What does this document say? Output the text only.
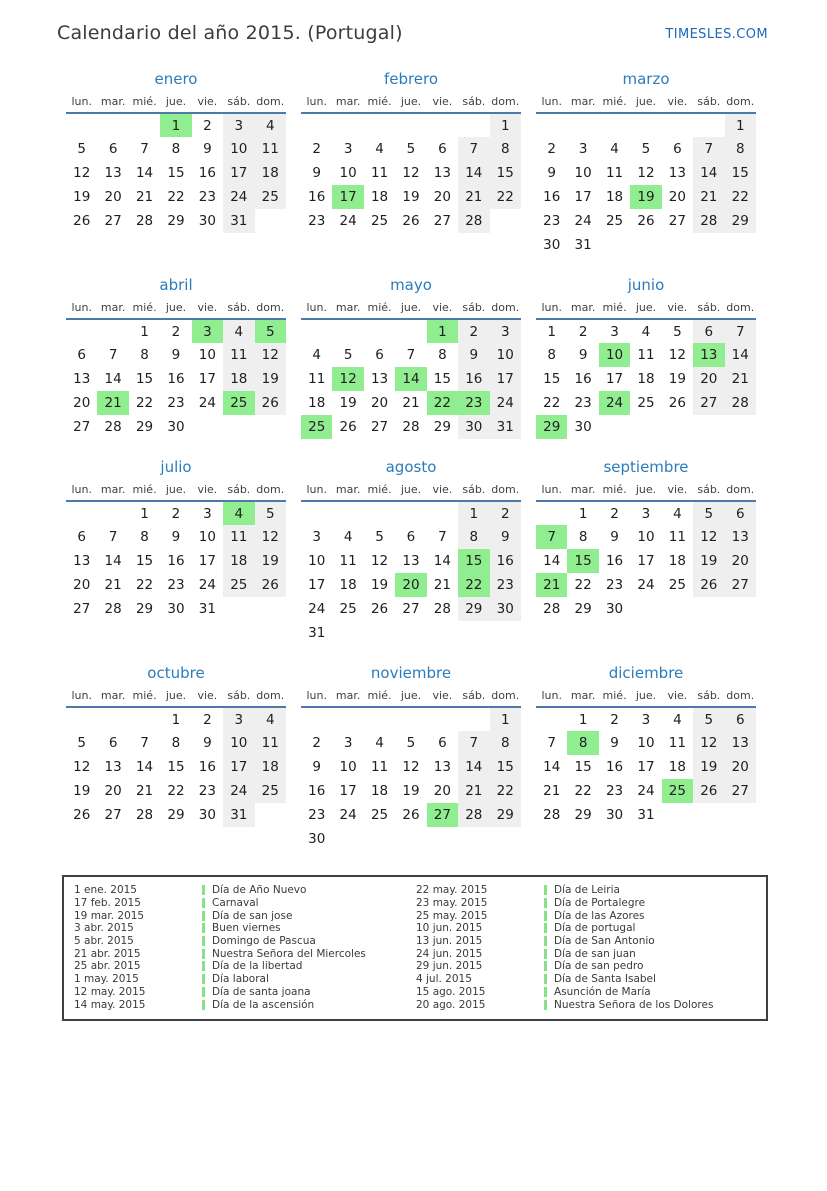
Calendario del año 2015. (Portugal)	TIMESLES.COM
enero
lun.	mar.	mié.	jue.	vie.	sáb.	dom.
			1	2	3	4
5	6	7	8	9	10	11
12	13	14	15	16	17	18
19	20	21	22	23	24	25
26	27	28	29	30	31	
febrero
lun.	mar.	mié.	jue.	vie.	sáb.	dom.
						1
2	3	4	5	6	7	8
9	10	11	12	13	14	15
16	17	18	19	20	21	22
23	24	25	26	27	28	
marzo
lun.	mar.	mié.	jue.	vie.	sáb.	dom.
						1
2	3	4	5	6	7	8
9	10	11	12	13	14	15
16	17	18	19	20	21	22
23	24	25	26	27	28	29
30	31					
abril
lun.	mar.	mié.	jue.	vie.	sáb.	dom.
		1	2	3	4	5
6	7	8	9	10	11	12
13	14	15	16	17	18	19
20	21	22	23	24	25	26
27	28	29	30			
mayo
lun.	mar.	mié.	jue.	vie.	sáb.	dom.
				1	2	3
4	5	6	7	8	9	10
11	12	13	14	15	16	17
18	19	20	21	22	23	24
25	26	27	28	29	30	31
junio
lun.	mar.	mié.	jue.	vie.	sáb.	dom.
1	2	3	4	5	6	7
8	9	10	11	12	13	14
15	16	17	18	19	20	21
22	23	24	25	26	27	28
29	30					
julio
lun.	mar.	mié.	jue.	vie.	sáb.	dom.
		1	2	3	4	5
6	7	8	9	10	11	12
13	14	15	16	17	18	19
20	21	22	23	24	25	26
27	28	29	30	31		
agosto
lun.	mar.	mié.	jue.	vie.	sáb.	dom.
					1	2
3	4	5	6	7	8	9
10	11	12	13	14	15	16
17	18	19	20	21	22	23
24	25	26	27	28	29	30
31						
septiembre
lun.	mar.	mié.	jue.	vie.	sáb.	dom.
	1	2	3	4	5	6
7	8	9	10	11	12	13
14	15	16	17	18	19	20
21	22	23	24	25	26	27
28	29	30				
octubre
lun.	mar.	mié.	jue.	vie.	sáb.	dom.
			1	2	3	4
5	6	7	8	9	10	11
12	13	14	15	16	17	18
19	20	21	22	23	24	25
26	27	28	29	30	31	
noviembre
lun.	mar.	mié.	jue.	vie.	sáb.	dom.
						1
2	3	4	5	6	7	8
9	10	11	12	13	14	15
16	17	18	19	20	21	22
23	24	25	26	27	28	29
30						
diciembre
lun.	mar.	mié.	jue.	vie.	sáb.	dom.
	1	2	3	4	5	6
7	8	9	10	11	12	13
14	15	16	17	18	19	20
21	22	23	24	25	26	27
28	29	30	31			
1 ene. 2015	Día de Año Nuevo
17 feb. 2015	Carnaval
19 mar. 2015	Día de san jose
3 abr. 2015	Buen viernes
5 abr. 2015	Domingo de Pascua
21 abr. 2015	Nuestra Señora del Miercoles
25 abr. 2015	Día de la libertad
1 may. 2015	Día laboral
12 may. 2015	Día de santa joana
14 may. 2015	Día de la ascensión
22 may. 2015	Día de Leiria
23 may. 2015	Día de Portalegre
25 may. 2015	Día de las Azores
10 jun. 2015	Día de portugal
13 jun. 2015	Día de San Antonio
24 jun. 2015	Día de san juan
29 jun. 2015	Día de san pedro
4 jul. 2015	Día de Santa Isabel
15 ago. 2015	Asunción de María
20 ago. 2015	Nuestra Señora de los Dolores
